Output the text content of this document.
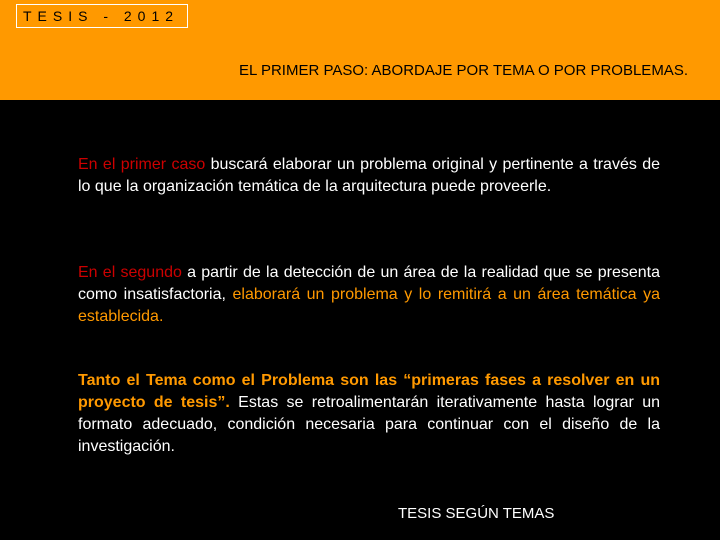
TESIS - 2012
EL PRIMER PASO: ABORDAJE POR TEMA O POR PROBLEMAS.
En el primer caso buscará elaborar un problema original y pertinente a través de lo que la organización temática de la arquitectura puede proveerle.
En el segundo a partir de la detección de un área de la realidad que se presenta como insatisfactoria, elaborará un problema y lo remitirá a un área temática ya establecida.
Tanto el Tema como el Problema son las “primeras fases a resolver en un proyecto de tesis”. Estas se retroalimentarán iterativamente hasta lograr un formato adecuado, condición necesaria para continuar con el diseño de la investigación.
TESIS SEGÚN TEMAS
